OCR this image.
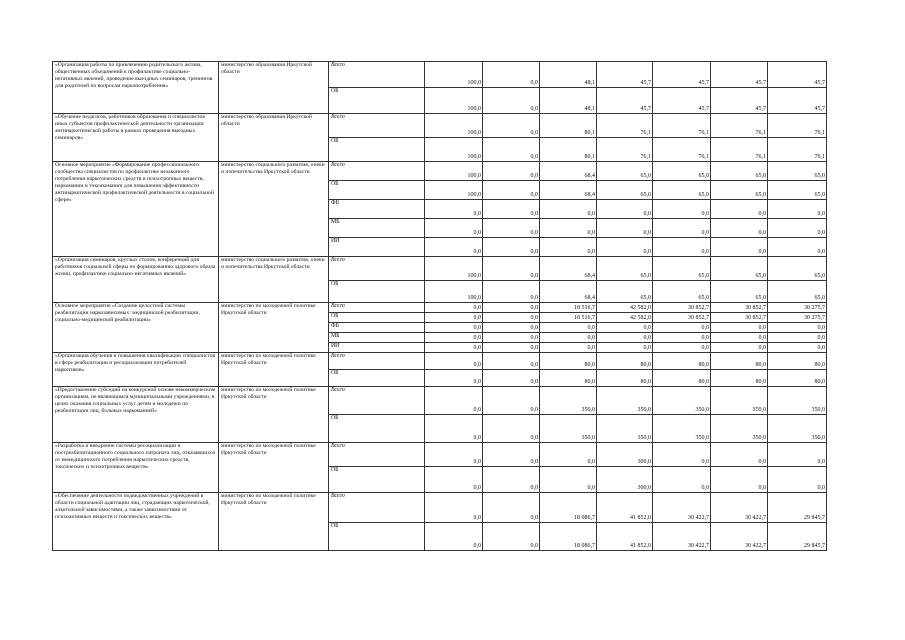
«Организация работы по привлечению родительского актива, общественных объединений к профилактике социально-негативных явлений, проведение выездных семинаров, тренингов для родителей по вопросам наркопотребления»	министерство образования Иркутской области	Всего	100,0	0,0	48,1	45,7	45,7	45,7	45,7
		ОБ	100,0	0,0	48,1	45,7	45,7	45,7	45,7
«Обучение педагогов, работников образования и специалистов иных субъектов профилактической деятельности организации антинаркотической работы в рамках проведения выездных семинаров»	министерство образования Иркутской области	Всего	100,0	0,0	80,1	76,1	76,1	76,1	76,1
		ОБ	100,0	0,0	80,1	76,1	76,1	76,1	76,1
Основное мероприятие «Формирование профессионального сообщества специалистов по профилактике незаконного потребления наркотических средств и психотропных веществ, наркомании и токсикомании для повышения эффективности антинаркотической профилактической деятельности в социальной сфере»	министерство социального развития, опеки и попечительства Иркутской области	Всего	100,0	0,0	68,4	65,0	65,0	65,0	65,0
		ОБ	100,0	0,0	68,4	65,0	65,0	65,0	65,0
		ФБ	0,0	0,0	0,0	0,0	0,0	0,0	0,0
		МБ	0,0	0,0	0,0	0,0	0,0	0,0	0,0
		ИИ	0,0	0,0	0,0	0,0	0,0	0,0	0,0
«Организация семинаров, круглых столов, конференций для работников социальной сферы по формированию здорового образа жизни, профилактике социально-негативных явлений»	министерство социального развития, опеки и попечительства Иркутской области	Всего	100,0	0,0	68,4	65,0	65,0	65,0	65,0
		ОБ	100,0	0,0	68,4	65,0	65,0	65,0	65,0
Основное мероприятие «Создание целостной системы реабилитации наркозависимых: медицинской реабилитации, социально-медицинской реабилитации»	министерство по молодежной политике Иркутской области	Всего	0,0	0,0	18 516,7	42 582,0	30 852,7	30 852,7	30 275,7
		ОБ	0,0	0,0	18 516,7	42 582,0	30 852,7	30 852,7	30 275,7
		ФБ	0,0	0,0	0,0	0,0	0,0	0,0	0,0
		МБ	0,0	0,0	0,0	0,0	0,0	0,0	0,0
		ИИ	0,0	0,0	0,0	0,0	0,0	0,0	0,0
«Организация обучения и повышения квалификации специалистов в сфере реабилитации и ресоциализации потребителей наркотиков»	министерство по молодежной политике Иркутской области	Всего	0,0	0,0	80,0	80,0	80,0	80,0	80,0
		ОБ	0,0	0,0	80,0	80,0	80,0	80,0	80,0
«Предоставление субсидий на конкурсной основе некоммерческим организациям, не являющимся муниципальными учреждениями, в целях оказания социальных услуг детям и молодежи по реабилитации лиц, больных наркоманией»	министерство по молодежной политике Иркутской области	Всего	0,0	0,0	350,0	350,0	350,0	350,0	350,0
		ОБ	0,0	0,0	350,0	350,0	350,0	350,0	350,0
«Разработка и внедрение системы ресоциализации и постреабилитационного социального патроната лиц, отказавшихся от немедицинского потребления наркотических средств, токсических и психотропных веществ»	министерство по молодежной политике Иркутской области	Всего	0,0	0,0	0,0	300,0	0,0	0,0	0,0
		ОБ	0,0	0,0	0,0	300,0	0,0	0,0	0,0
«Обеспечение деятельности подведомственных учреждений в области социальной адаптации лиц, страдающих наркотической, алкогольной зависимостями, а также зависимостями от психоактивных веществ и токсических веществ»	министерство по молодежной политике Иркутской области	Всего	0,0	0,0	18 086,7	41 852,0	30 422,7	30 422,7	29 845,7
		ОБ	0,0	0,0	18 086,7	41 852,0	30 422,7	30 422,7	29 845,7
